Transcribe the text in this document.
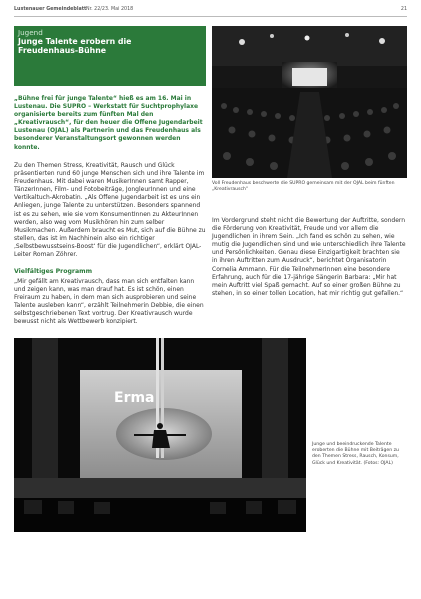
Lustenauer Gemeindeblatt Nr. 22/23. Mai 2018	21
Jugend
Junge Talente erobern die Freudenhaus-Bühne

„Bühne frei für junge Talente“ hieß es am 16. Mai in Lustenau. Die SUPRO – Werkstatt für Suchtprophylaxe organisierte bereits zum fünften Mal den „Kreativrausch“, für den heuer die Offene Jugendarbeit Lustenau (OJAL) als Partnerin und das Freudenhaus als besonderer Veranstaltungsort gewonnen werden konnte.

Zu den Themen Stress, Kreativität, Rausch und Glück präsentierten rund 60 junge Menschen sich und ihre Talente im Freudenhaus. Mit dabei waren MusikerInnen samt Rapper, TänzerInnen, Film- und Fotobeiträge, JongleurInnen und eine Vertikaltuch-Akrobatin. „Als Offene Jugendarbeit ist es uns ein Anliegen, junge Talente zu unterstützen. Besonders spannend ist es zu sehen, wie sie vom KonsumentInnen zu AkteurInnen werden, also weg vom Musikhören hin zum selber Musikmachen. Außerdem braucht es Mut, sich auf die Bühne zu stellen, das ist im Nachhinein also ein richtiger ‚Selbstbewusstseins-Boost‘ für die Jugendlichen“, erklärt OJAL-Leiter Roman Zöhrer.

Vielfältiges Programm

„Mir gefällt am Kreativrausch, dass man sich entfalten kann und zeigen kann, was man drauf hat. Es ist schön, einen Freiraum zu haben, in dem man sich ausprobieren und seine Talente ausleben kann“, erzählt Teilnehmerin Debbie, die einen selbstgeschriebenen Text vortrug. Der Kreativrausch wurde bewusst nicht als Wettbewerb konzipiert.

Voll Freudenhaus beschwerte die SUPRO gemeinsam mit der OJAL beim fünften „Kreativrausch“

Im Vordergrund steht nicht die Bewertung der Auftritte, sondern die Förderung von Kreativität, Freude und vor allem die Jugendlichen in ihrem Sein. „Ich fand es schön zu sehen, wie mutig die Jugendlichen sind und wie unterschiedlich ihre Talente und Persönlichkeiten. Genau diese Einzigartigkeit brachten sie in ihren Auftritten zum Ausdruck“, berichtet Organisatorin Cornelia Ammann. Für die TeilnehmerInnen eine besondere Erfahrung, auch für die 17-jährige Sängerin Barbara: „Mir hat mein Auftritt viel Spaß gemacht. Auf so einer großen Bühne zu stehen, in so einer tollen Location, hat mir richtig gut gefallen.“

Erma
Junge und beeindruckende Talente eroberten die Bühne mit Beiträgen zu den Themen Stress, Rausch, Konsum, Glück und Kreativität. (Fotos: OJAL)
